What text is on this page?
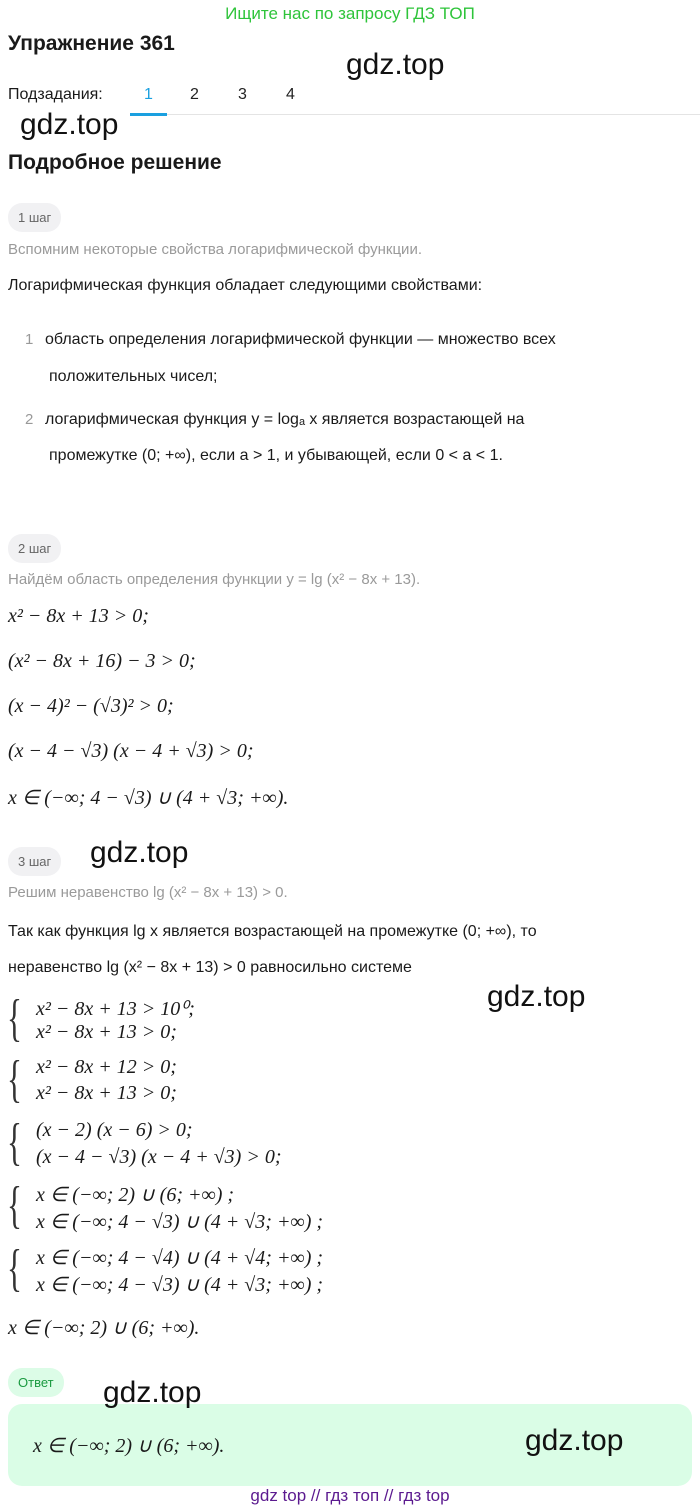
Ищите нас по запросу ГДЗ ТОП
Упражнение 361
gdz.top
Подзадания:	1 2 3 4
gdz.top
Подробное решение
1 шаг
Вспомним некоторые свойства логарифмической функции.
Логарифмическая функция обладает следующими свойствами:
1 область определения логарифмической функции — множество всех
положительных чисел;
2 логарифмическая функция y = logₐ x является возрастающей на
промежутке (0; +∞), если a > 1, и убывающей, если 0 < a < 1.
2 шаг
Найдём область определения функции y = lg (x² − 8x + 13).
x² − 8x + 13 > 0;
(x² − 8x + 16) − 3 > 0;
(x − 4)² − (√3)² > 0;
(x − 4 − √3) (x − 4 + √3) > 0;
x ∈ (−∞; 4 − √3) ∪ (4 + √3; +∞).
3 шаг	gdz.top
Решим неравенство lg (x² − 8x + 13) > 0.
Так как функция lg x является возрастающей на промежутке (0; +∞), то
неравенство lg (x² − 8x + 13) > 0 равносильно системе
gdz.top
{ x² − 8x + 13 > 10⁰;
x² − 8x + 13 > 0;
{ x² − 8x + 12 > 0;
x² − 8x + 13 > 0;
{ (x − 2) (x − 6) > 0;
(x − 4 − √3) (x − 4 + √3) > 0;
{ x ∈ (−∞; 2) ∪ (6; +∞) ;
x ∈ (−∞; 4 − √3) ∪ (4 + √3; +∞) ;
{ x ∈ (−∞; 4 − √4) ∪ (4 + √4; +∞) ;
x ∈ (−∞; 4 − √3) ∪ (4 + √3; +∞) ;
x ∈ (−∞; 2) ∪ (6; +∞).
Ответ	gdz.top
x ∈ (−∞; 2) ∪ (6; +∞).	gdz.top
gdz top // гдз топ // гдз top
